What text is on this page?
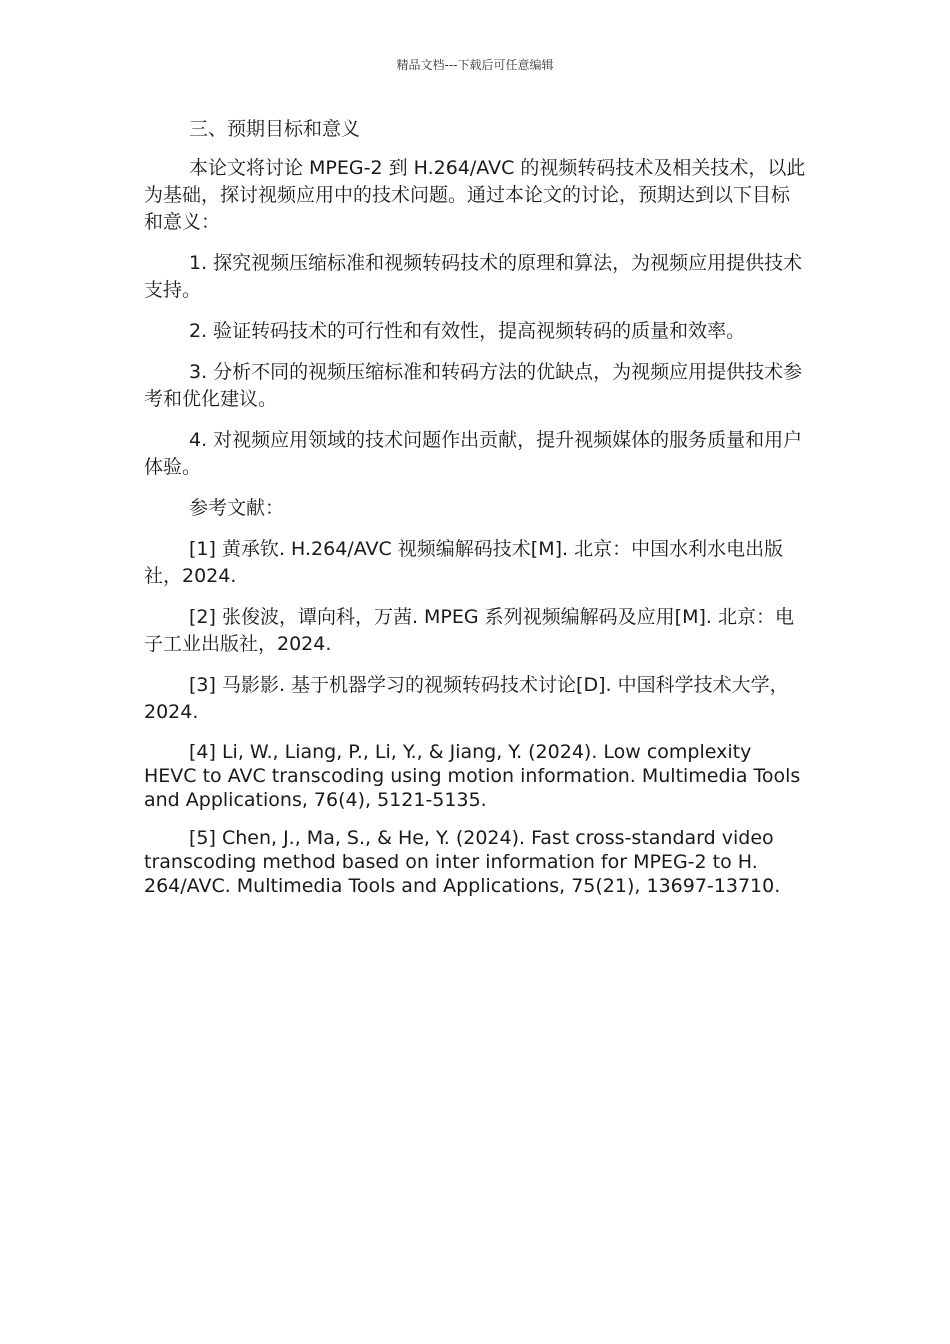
精品文档---下载后可任意编辑

三、预期目标和意义

本论文将讨论 MPEG-2 到 H.264/AVC 的视频转码技术及相关技术，以此为基础，探讨视频应用中的技术问题。通过本论文的讨论，预期达到以下目标和意义：

1. 探究视频压缩标准和视频转码技术的原理和算法，为视频应用提供技术支持。

2. 验证转码技术的可行性和有效性，提高视频转码的质量和效率。

3. 分析不同的视频压缩标准和转码方法的优缺点，为视频应用提供技术参考和优化建议。

4. 对视频应用领域的技术问题作出贡献，提升视频媒体的服务质量和用户体验。

参考文献：

[1] 黄承钦. H.264/AVC 视频编解码技术[M]. 北京：中国水利水电出版社，2024.

[2] 张俊波，谭向科，万茜. MPEG 系列视频编解码及应用[M]. 北京：电子工业出版社，2024.

[3] 马影影. 基于机器学习的视频转码技术讨论[D]. 中国科学技术大学，2024.

[4] Li, W., Liang, P., Li, Y., & Jiang, Y. (2024). Low complexity HEVC to AVC transcoding using motion information. Multimedia Tools and Applications, 76(4), 5121-5135.

[5] Chen, J., Ma, S., & He, Y. (2024). Fast cross-standard video transcoding method based on inter information for MPEG-2 to H. 264/AVC. Multimedia Tools and Applications, 75(21), 13697-13710.
